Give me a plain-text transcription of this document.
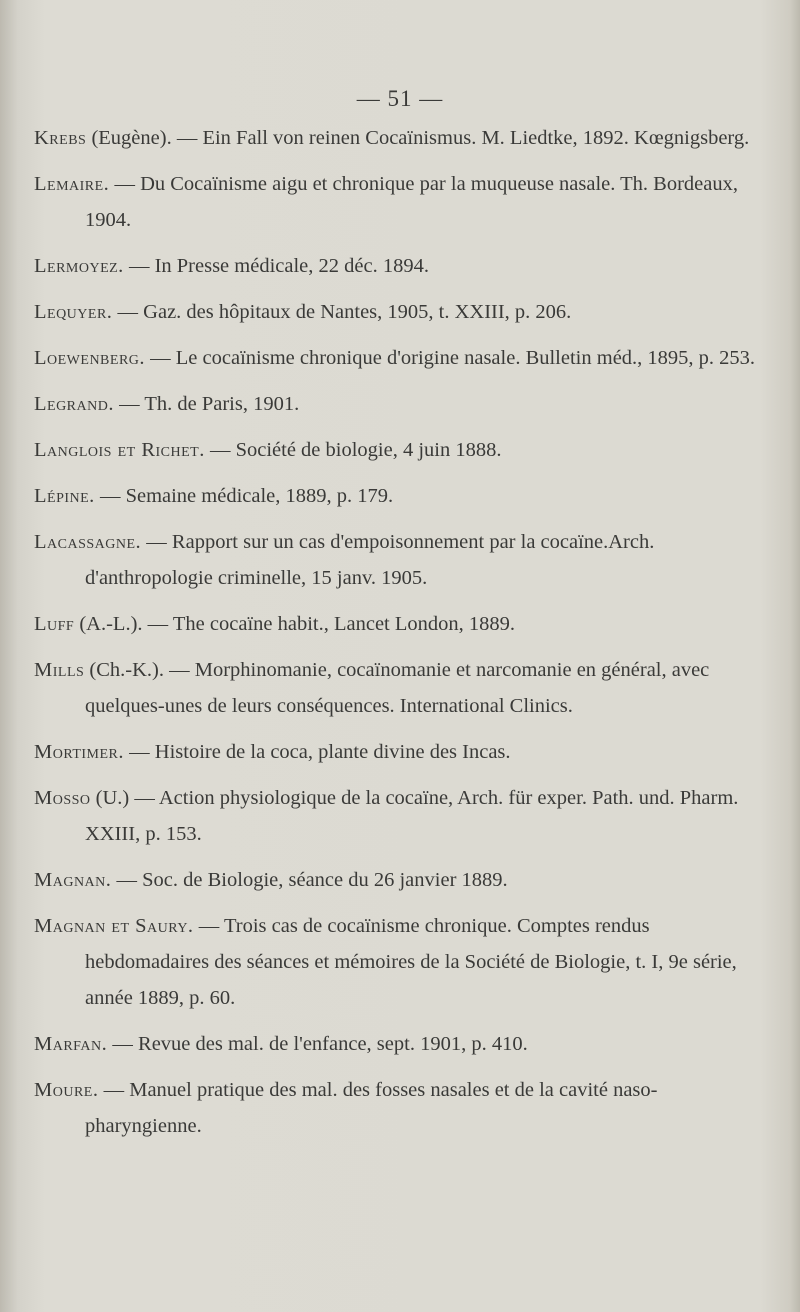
— 51 —
Krebs (Eugène). — Ein Fall von reinen Cocaïnismus. M. Liedtke, 1892. Kœgnigsberg.
Lemaire. — Du Cocaïnisme aigu et chronique par la muqueuse nasale. Th. Bordeaux, 1904.
Lermoyez. — In Presse médicale, 22 déc. 1894.
Lequyer. — Gaz. des hôpitaux de Nantes, 1905, t. XXIII, p. 206.
Loewenberg. — Le cocaïnisme chronique d'origine nasale. Bulletin méd., 1895, p. 253.
Legrand. — Th. de Paris, 1901.
Langlois et Richet. — Société de biologie, 4 juin 1888.
Lépine. — Semaine médicale, 1889, p. 179.
Lacassagne. — Rapport sur un cas d'empoisonnement par la cocaïne.Arch. d'anthropologie criminelle, 15 janv. 1905.
Luff (A.-L.). — The cocaïne habit., Lancet London, 1889.
Mills (Ch.-K.). — Morphinomanie, cocaïnomanie et narcomanie en général, avec quelques-unes de leurs conséquences. International Clinics.
Mortimer. — Histoire de la coca, plante divine des Incas.
Mosso (U.) — Action physiologique de la cocaïne, Arch. für exper. Path. und. Pharm. XXIII, p. 153.
Magnan. — Soc. de Biologie, séance du 26 janvier 1889.
Magnan et Saury. — Trois cas de cocaïnisme chronique. Comptes rendus hebdomadaires des séances et mémoires de la Société de Biologie, t. I, 9e série, année 1889, p. 60.
Marfan. — Revue des mal. de l'enfance, sept. 1901, p. 410.
Moure. — Manuel pratique des mal. des fosses nasales et de la cavité naso-pharyngienne.
